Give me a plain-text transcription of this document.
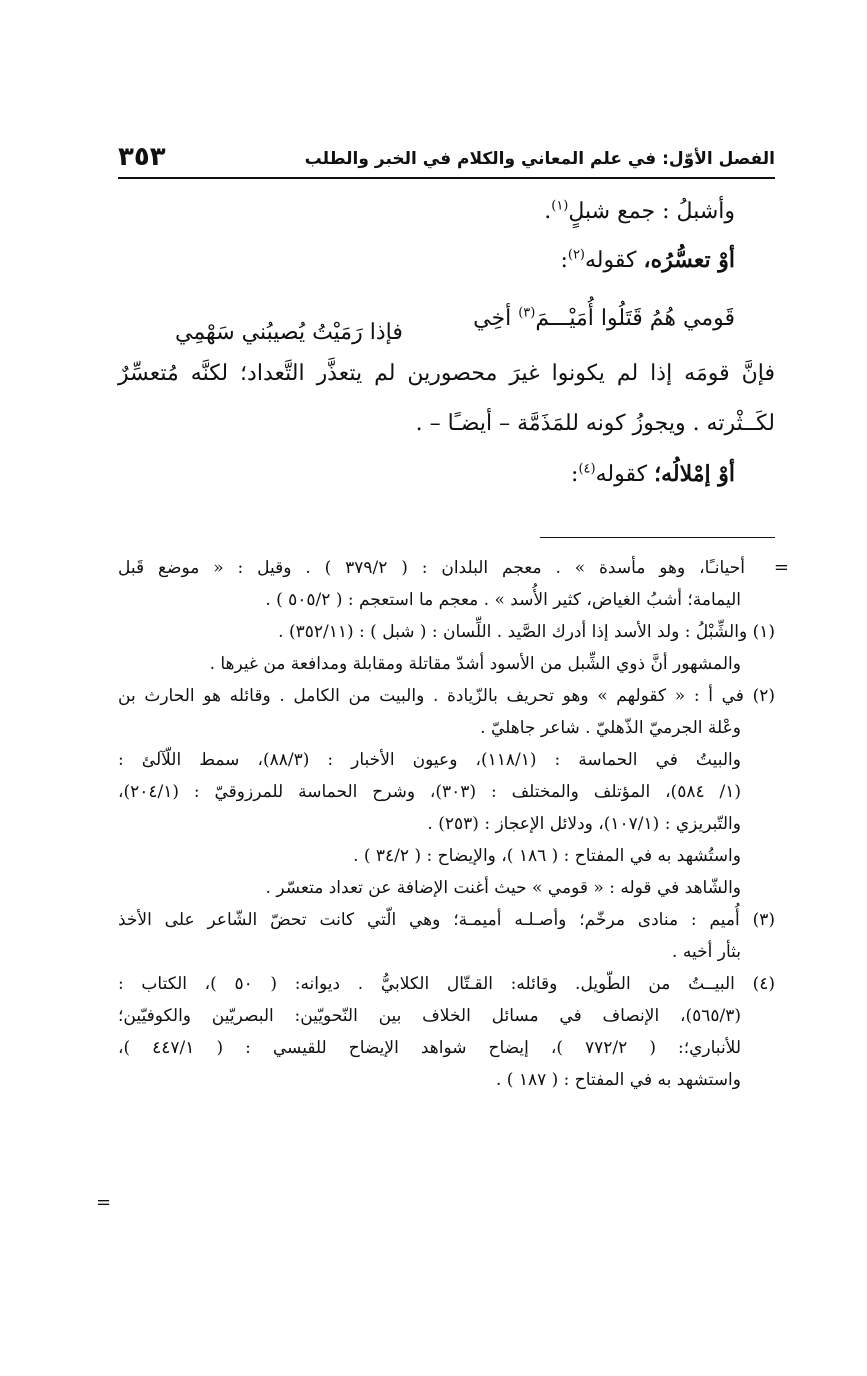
الفصل الأوّل: في علم المعاني والكلام في الخبر والطلب
٣٥٣
وأشبلُ : جمع شبلٍ$^{(١)}$.
أوْ تعسُّرُه، كقوله$^{(٢)}$:
قَومي هُمُ قَتَلُوا أُمَيْـــمَ$^{(٣)}$ أخِي
فإذا رَمَيْتُ يُصيبُني سَهْمِي
فإنَّ قومَه إذا لم يكونوا غيرَ محصورين لم يتعذَّر التَّعداد؛ لكنَّه مُتعسِّرٌ
لكَــثْرته . ويجوزُ كونه للمَذَمَّة – أيضـًا – .
أوْ إمْلالُه؛ كقوله$^{(٤)}$:
=
أحيانـًا، وهو مأسدة » . معجم البلدان : ( ٣٧٩/٢ ) . وقيل : « موضع قَبل
اليمامة؛ أشبُ الغياض، كثير الأُسد » . معجم ما استعجم : ( ٥٠٥/٢ ) .
(١) والشِّبْلُ : ولد الأسد إذا أدرك الصَّيد . اللِّسان : ( شبل ) : (٣٥٢/١١) .
والمشهور أنَّ ذوي الشِّبل من الأسود أشدّ مقاتلة ومقابلة ومدافعة من غيرها .
(٢) في أ : « كقولهم » وهو تحريف بالزّيادة . والبيت من الكامل . وقائله هو الحارث بن
وعْلة الجرميّ الذّهليّ . شاعر جاهليّ .
والبيتُ في الحماسة : (١١٨/١)، وعيون الأخبار : (٨٨/٣)، سمط اللّآلئ :
(١/ ٥٨٤)، المؤتلف والمختلف : (٣٠٣)، وشرح الحماسة للمرزوقيّ : (٢٠٤/١)،
والتّبريزي : (١٠٧/١)، ودلائل الإعجاز : (٢٥٣) .
واستُشهد به في المفتاح : ( ١٨٦ )، والإيضاح : ( ٣٤/٢ ) .
والشّاهد في قوله : « قومي » حيث أغنت الإضافة عن تعداد متعسّر .
(٣) أُميم : منادى مرخّم؛ وأصـلـه أميمـة؛ وهي الّتي كانت تحضّ الشّاعر على الأخذ
بثأر أخيه .
(٤) البيــتُ من الطّويل. وقائله: القـتّال الكلابيُّ . ديوانه: ( ٥٠ )، الكتاب :
(٥٦٥/٣)، الإنصاف في مسائل الخلاف بين النّحويّين: البصريّين والكوفيّين؛
للأنباري؛: ( ٧٧٢/٢ )، إيضاح شواهد الإيضاح للقيسي : ( ٤٤٧/١ )،
واستشهد به في المفتاح : ( ١٨٧ ) .
=
